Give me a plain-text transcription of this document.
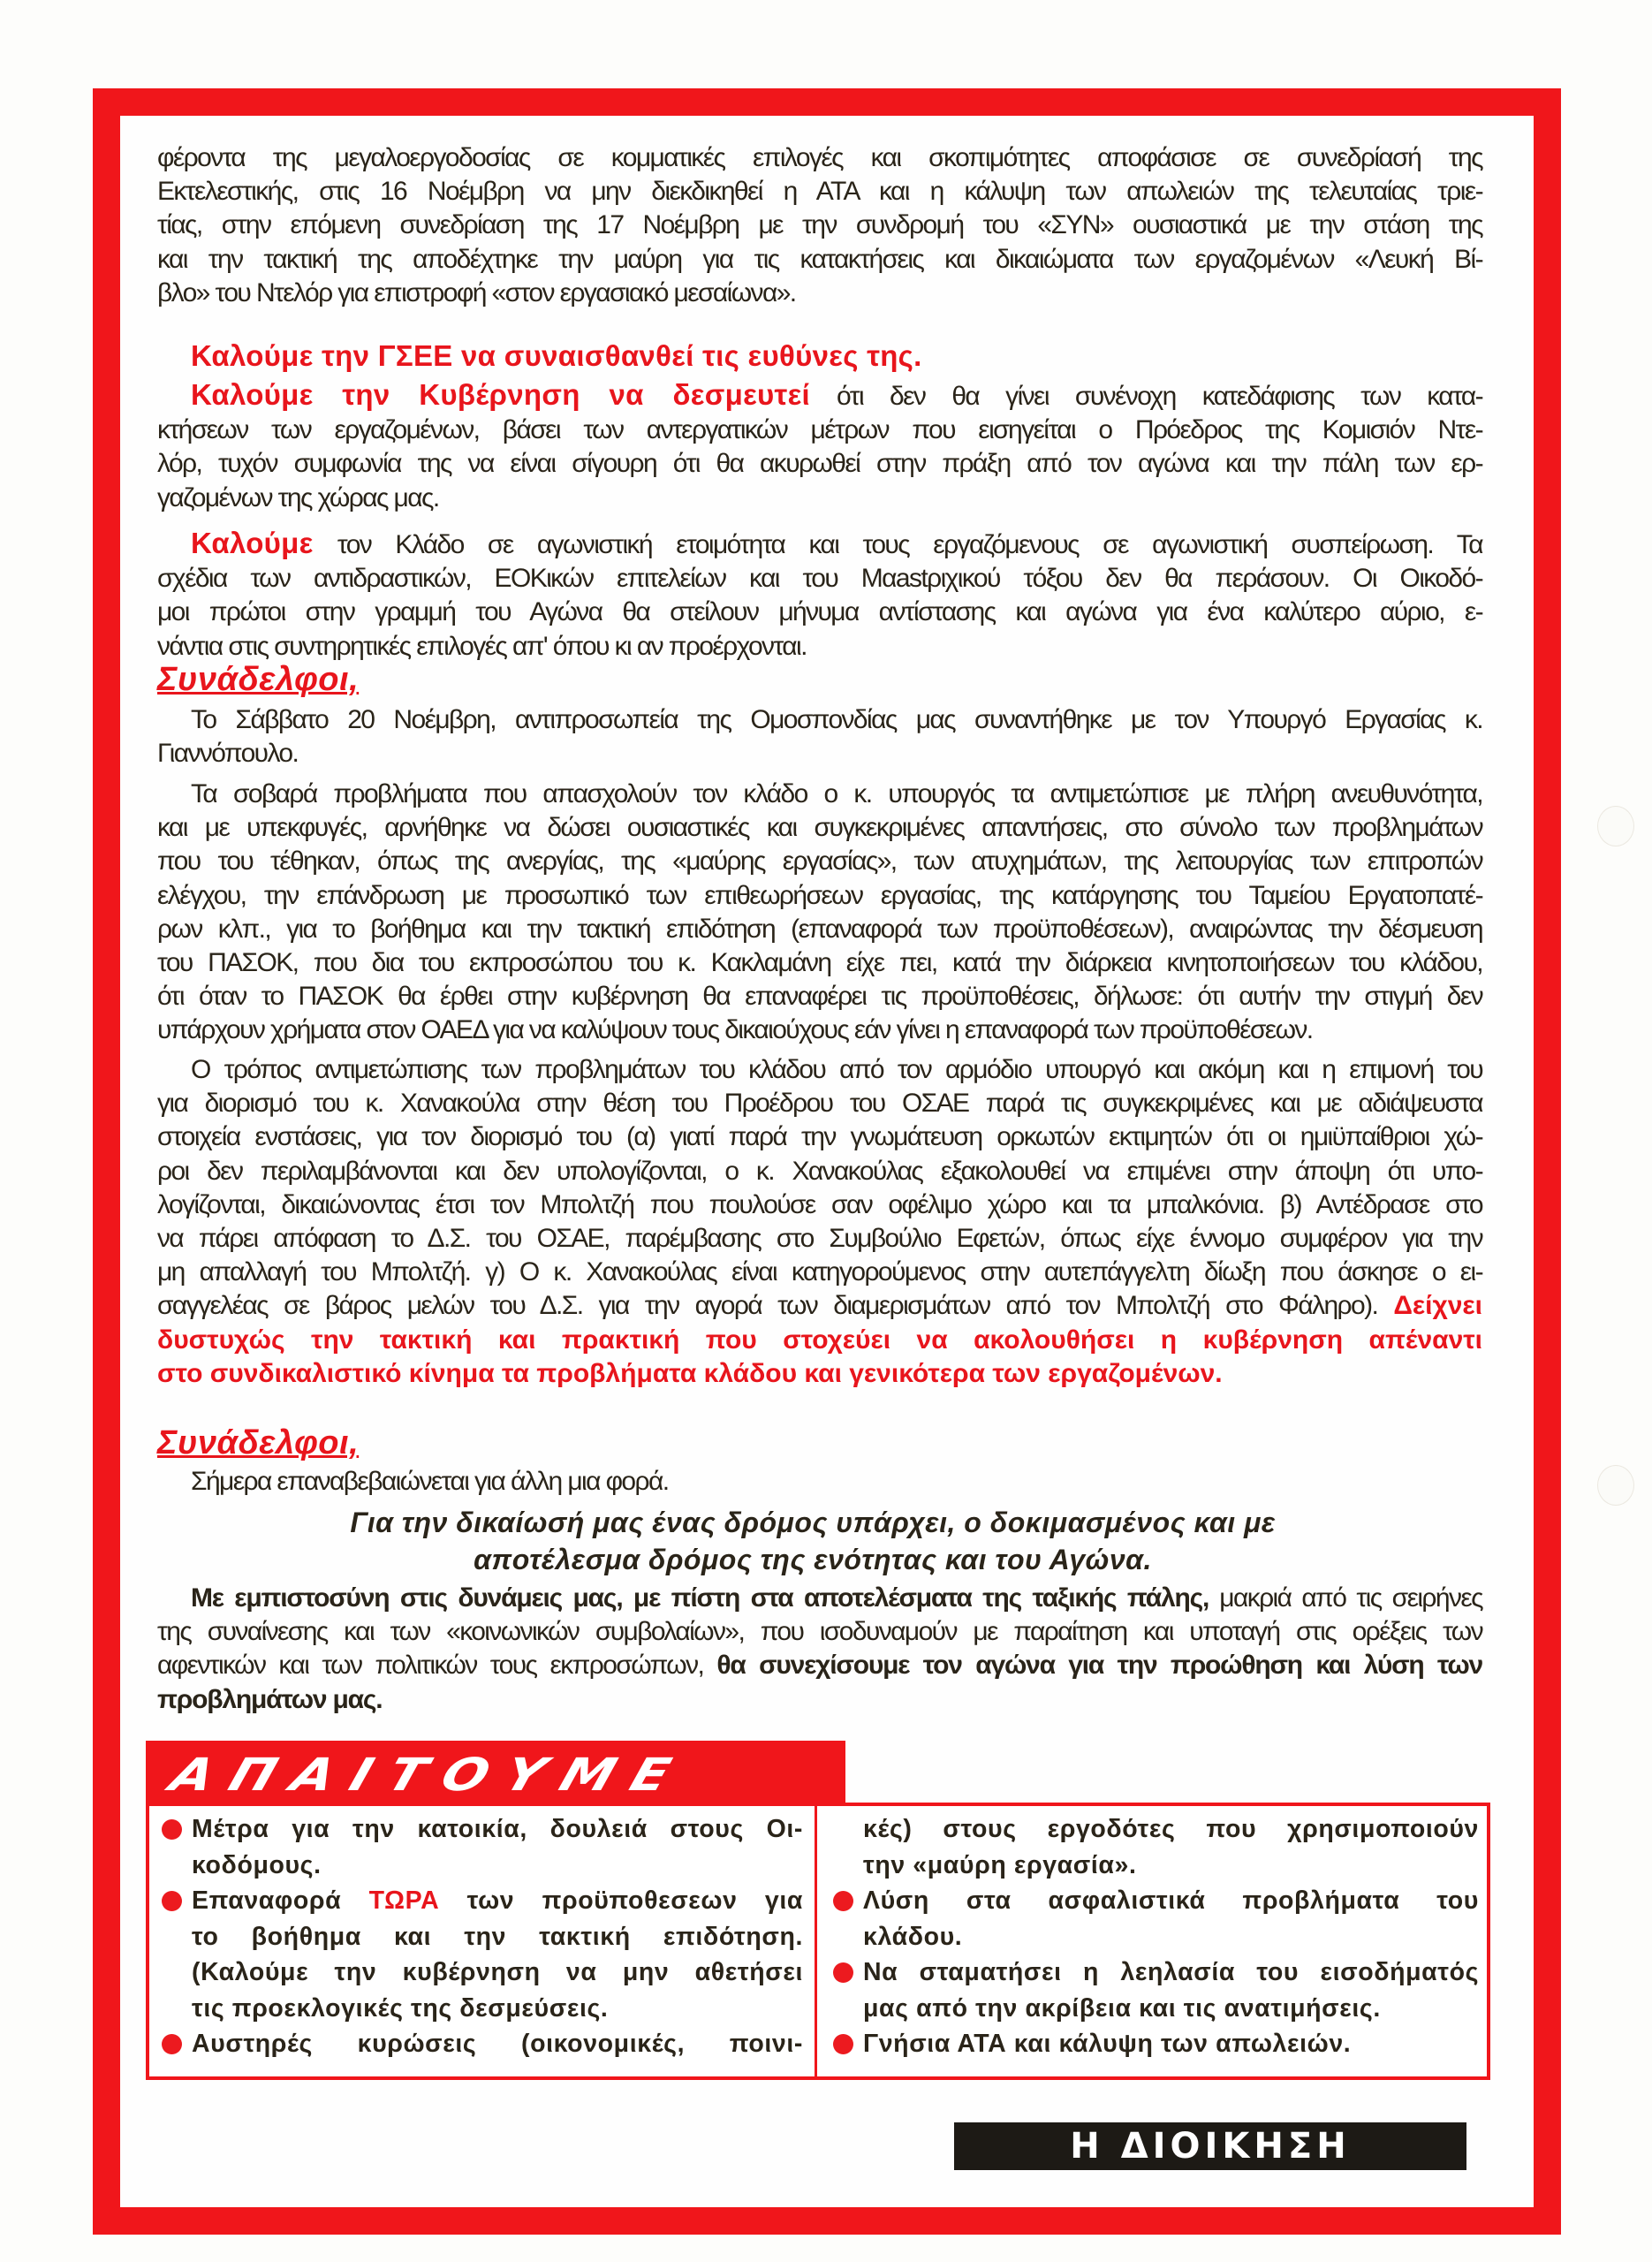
φέροντα της μεγαλοεργοδοσίας σε κομματικές επιλογές και σκοπιμότητες αποφάσισε σε συνεδρίασή της
Εκτελεστικής, στις 16 Νοέμβρη να μην διεκδικηθεί η ΑΤΑ και η κάλυψη των απωλειών της τελευταίας τριε-
τίας, στην επόμενη συνεδρίαση της 17 Νοέμβρη με την συνδρομή του «ΣΥΝ» ουσιαστικά με την στάση της
και την τακτική της αποδέχτηκε την μαύρη για τις κατακτήσεις και δικαιώματα των εργαζομένων «Λευκή Βί-
βλο» του Ντελόρ για επιστροφή «στον εργασιακό μεσαίωνα».
Καλούμε την ΓΣΕΕ να συναισθανθεί τις ευθύνες της.
Καλούμε την Κυβέρνηση να δεσμευτεί ότι δεν θα γίνει συνένοχη κατεδάφισης των κατα-
κτήσεων των εργαζομένων, βάσει των αντεργατικών μέτρων που εισηγείται ο Πρόεδρος της Κομισιόν Ντε-
λόρ, τυχόν συμφωνία της να είναι σίγουρη ότι θα ακυρωθεί στην πράξη από τον αγώνα και την πάλη των ερ-
γαζομένων της χώρας μας.
Καλούμε τον Κλάδο σε αγωνιστική ετοιμότητα και τους εργαζόμενους σε αγωνιστική συσπείρωση. Τα
σχέδια των αντιδραστικών, ΕΟΚικών επιτελείων και του Μαastριχικού τόξου δεν θα περάσουν. Οι Οικοδό-
μοι πρώτοι στην γραμμή του Αγώνα θα στείλουν μήνυμα αντίστασης και αγώνα για ένα καλύτερο αύριο, ε-
νάντια στις συντηρητικές επιλογές απ' όπου κι αν προέρχονται.
Συνάδελφοι,
Το Σάββατο 20 Νοέμβρη, αντιπροσωπεία της Ομοσπονδίας μας συναντήθηκε με τον Υπουργό Εργασίας κ.
Γιαννόπουλο.
Τα σοβαρά προβλήματα που απασχολούν τον κλάδο ο κ. υπουργός τα αντιμετώπισε με πλήρη ανευθυνότητα,
και με υπεκφυγές, αρνήθηκε να δώσει ουσιαστικές και συγκεκριμένες απαντήσεις, στο σύνολο των προβλημάτων
που του τέθηκαν, όπως της ανεργίας, της «μαύρης εργασίας», των ατυχημάτων, της λειτουργίας των επιτροπών
ελέγχου, την επάνδρωση με προσωπικό των επιθεωρήσεων εργασίας, της κατάργησης του Ταμείου Εργατοπατέ-
ρων κλπ., για το βοήθημα και την τακτική επιδότηση (επαναφορά των προϋποθέσεων), αναιρώντας την δέσμευση
του ΠΑΣΟΚ, που δια του εκπροσώπου του κ. Κακλαμάνη είχε πει, κατά την διάρκεια κινητοποιήσεων του κλάδου,
ότι όταν το ΠΑΣΟΚ θα έρθει στην κυβέρνηση θα επαναφέρει τις προϋποθέσεις, δήλωσε: ότι αυτήν την στιγμή δεν
υπάρχουν χρήματα στον ΟΑΕΔ για να καλύψουν τους δικαιούχους εάν γίνει η επαναφορά των προϋποθέσεων.
Ο τρόπος αντιμετώπισης των προβλημάτων του κλάδου από τον αρμόδιο υπουργό και ακόμη και η επιμονή του
για διορισμό του κ. Χανακούλα στην θέση του Προέδρου του ΟΣΑΕ παρά τις συγκεκριμένες και με αδιάψευστα
στοιχεία ενστάσεις, για τον διορισμό του (α) γιατί παρά την γνωμάτευση ορκωτών εκτιμητών ότι οι ημιϋπαίθριοι χώ-
ροι δεν περιλαμβάνονται και δεν υπολογίζονται, ο κ. Χανακούλας εξακολουθεί να επιμένει στην άποψη ότι υπο-
λογίζονται, δικαιώνοντας έτσι τον Μπολτζή που πουλούσε σαν οφέλιμο χώρο και τα μπαλκόνια. β) Αντέδρασε στο
να πάρει απόφαση το Δ.Σ. του ΟΣΑΕ, παρέμβασης στο Συμβούλιο Εφετών, όπως είχε έννομο συμφέρον για την
μη απαλλαγή του Μπολτζή. γ) Ο κ. Χανακούλας είναι κατηγορούμενος στην αυτεπάγγελτη δίωξη που άσκησε ο ει-
σαγγελέας σε βάρος μελών του Δ.Σ. για την αγορά των διαμερισμάτων από τον Μπολτζή στο Φάληρο). Δείχνει
δυστυχώς την τακτική και πρακτική που στοχεύει να ακολουθήσει η κυβέρνηση απέναντι
στο συνδικαλιστικό κίνημα τα προβλήματα κλάδου και γενικότερα των εργαζομένων.
Συνάδελφοι,
Σήμερα επαναβεβαιώνεται για άλλη μια φορά.
Για την δικαίωσή μας ένας δρόμος υπάρχει, ο δοκιμασμένος και με
αποτέλεσμα δρόμος της ενότητας και του Αγώνα.
Με εμπιστοσύνη στις δυνάμεις μας, με πίστη στα αποτελέσματα της ταξικής πάλης, μακριά από τις σειρήνες
της συναίνεσης και των «κοινωνικών συμβολαίων», που ισοδυναμούν με παραίτηση και υποταγή στις ορέξεις των
αφεντικών και των πολιτικών τους εκπροσώπων, θα συνεχίσουμε τον αγώνα για την προώθηση και λύση των
προβλημάτων μας.
ΑΠΑΙΤΟΥΜΕ
Μέτρα για την κατοικία, δουλειά στους Οι-
κοδόμους.
Επαναφορά ΤΩΡΑ των προϋποθεσεων για
το βοήθημα και την τακτική επιδότηση.
(Καλούμε την κυβέρνηση να μην αθετήσει
τις προεκλογικές της δεσμεύσεις.
Αυστηρές κυρώσεις (οικονομικές, ποινι-
κές) στους εργοδότες που χρησιμοποιούν
την «μαύρη εργασία».
Λύση στα ασφαλιστικά προβλήματα του
κλάδου.
Να σταματήσει η λεηλασία του εισοδήματός
μας από την ακρίβεια και τις ανατιμήσεις.
Γνήσια ΑΤΑ και κάλυψη των απωλειών.
Η ΔΙΟΙΚΗΣΗ
